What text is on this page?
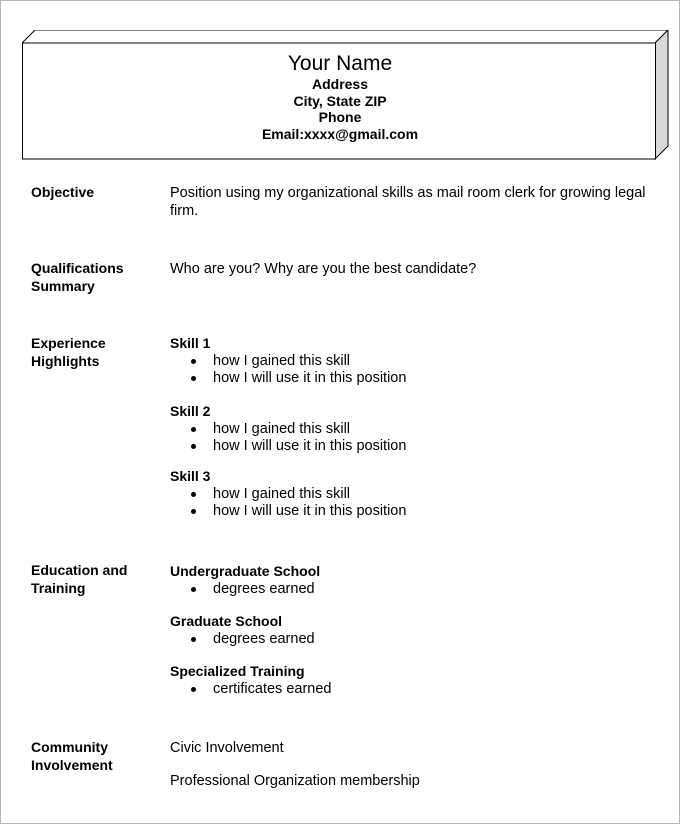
Your Name
Address
City, State ZIP
Phone
Email:xxxx@gmail.com
Objective	Position using my organizational skills as mail room clerk for growing legal firm.
Qualifications
Summary
Who are you? Why are you the best candidate?
Experience
Highlights
Skill 1
how I gained this skill
how I will use it in this position
Skill 2
how I gained this skill
how I will use it in this position
Skill 3
how I gained this skill
how I will use it in this position
Education and
Training
Undergraduate School
degrees earned
Graduate School
degrees earned
Specialized Training
certificates earned
Community
Involvement
Civic Involvement
Professional Organization membership
